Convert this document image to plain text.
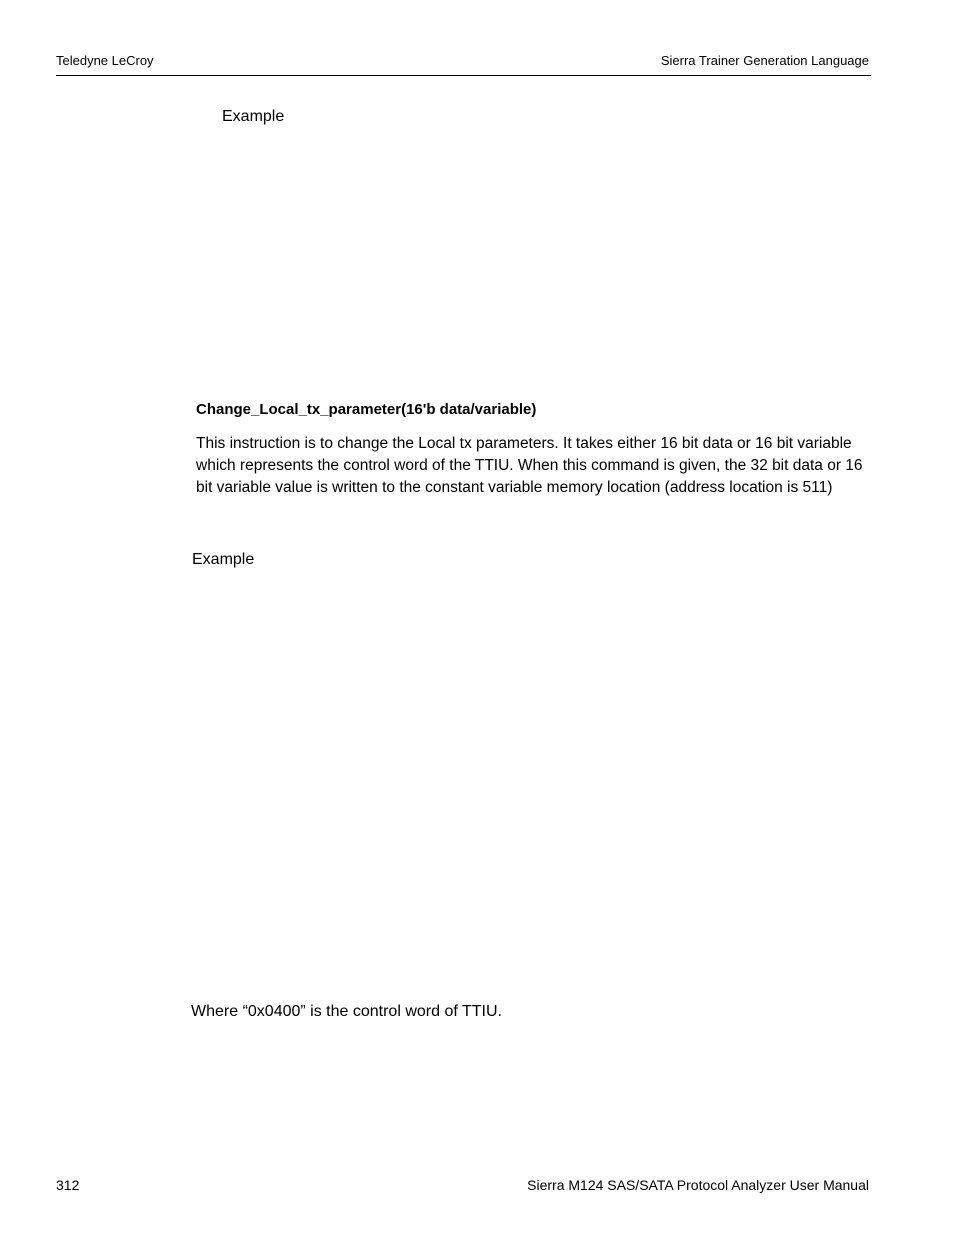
Teledyne LeCroy	Sierra Trainer Generation Language
Example
Change_Local_tx_parameter(16'b data/variable)
This instruction is to change the Local tx parameters. It takes either 16 bit data or 16 bit variable which represents the control word of the TTIU. When this command is given, the 32 bit data or 16 bit variable value is written to the constant variable memory location (address location is 511)
Example
Where “0x0400” is the control word of TTIU.
312	Sierra M124 SAS/SATA Protocol Analyzer User Manual
